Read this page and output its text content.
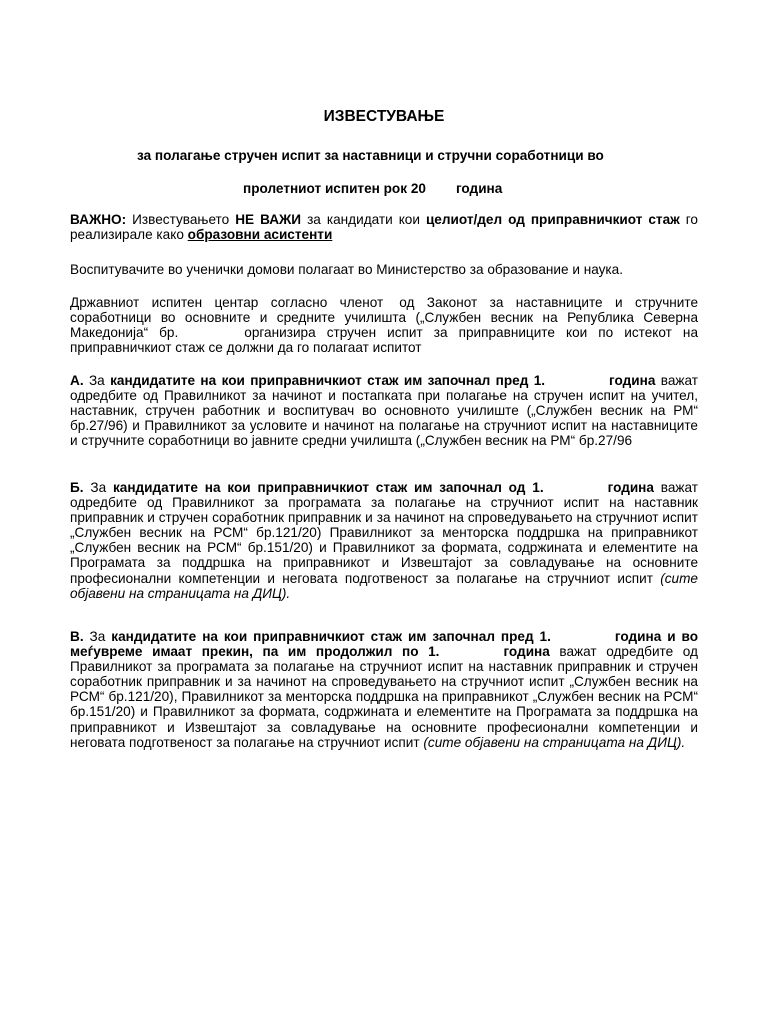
ИЗВЕСТУВАЊЕ
за полагање стручен испит за наставници и стручни соработници во
пролетниот испитен рок 20 година

ВАЖНО: Известувањето НЕ ВАЖИ за кандидати кои целиот/дел од приправничкиот стаж го реализирале како образовни асистенти

Воспитувачите во ученички домови полагаат во Министерство за образование и наука.

Државниот испитен центар согласно членот од Законот за наставниците и стручните соработници во основните и средните училишта („Службен весник на Република Северна Македонија“ бр.	организира стручен испит за приправниците кои по истекот на приправничкиот стаж се должни да го полагаат испитот

А. За кандидатите на кои приправничкиот стаж им започнал пред 1.	година важат одредбите од Правилникот за начинот и постапката при полагање на стручен испит на учител, наставник, стручен работник и воспитувач во основното училиште („Службен весник на РМ“ бр.27/96) и Правилникот за условите и начинот на полагање на стручниот испит на наставниците и стручните соработници во јавните средни училишта („Службен весник на РМ“ бр.27/96

Б. За кандидатите на кои приправничкиот стаж им започнал од 1.	година важат одредбите од Правилникот за програмата за полагање на стручниот испит на наставник приправник и стручен соработник приправник и за начинот на спроведувањето на стручниот испит „Службен весник на РСМ“ бр.121/20) Правилникот за менторска поддршка на приправникот „Службен весник на РСМ“ бр.151/20) и Правилникот за формата, содржината и елементите на Програмата за поддршка на приправникот и Извештајот за совладување на основните професионални компетенции и неговата подготвеност за полагање на стручниот испит (сите објавени на страницата на ДИЦ).

В. За кандидатите на кои приправничкиот стаж им започнал пред 1.	година и во меѓувреме имаат прекин, па им продолжил по 1.	година важат одредбите од Правилникот за програмата за полагање на стручниот испит на наставник приправник и стручен соработник приправник и за начинот на спроведувањето на стручниот испит „Службен весник на РСМ“ бр.121/20), Правилникот за менторска поддршка на приправникот „Службен весник на РСМ“ бр.151/20) и Правилникот за формата, содржината и елементите на Програмата за поддршка на приправникот и Извештајот за совладување на основните професионални компетенции и неговата подготвеност за полагање на стручниот испит (сите објавени на страницата на ДИЦ).
